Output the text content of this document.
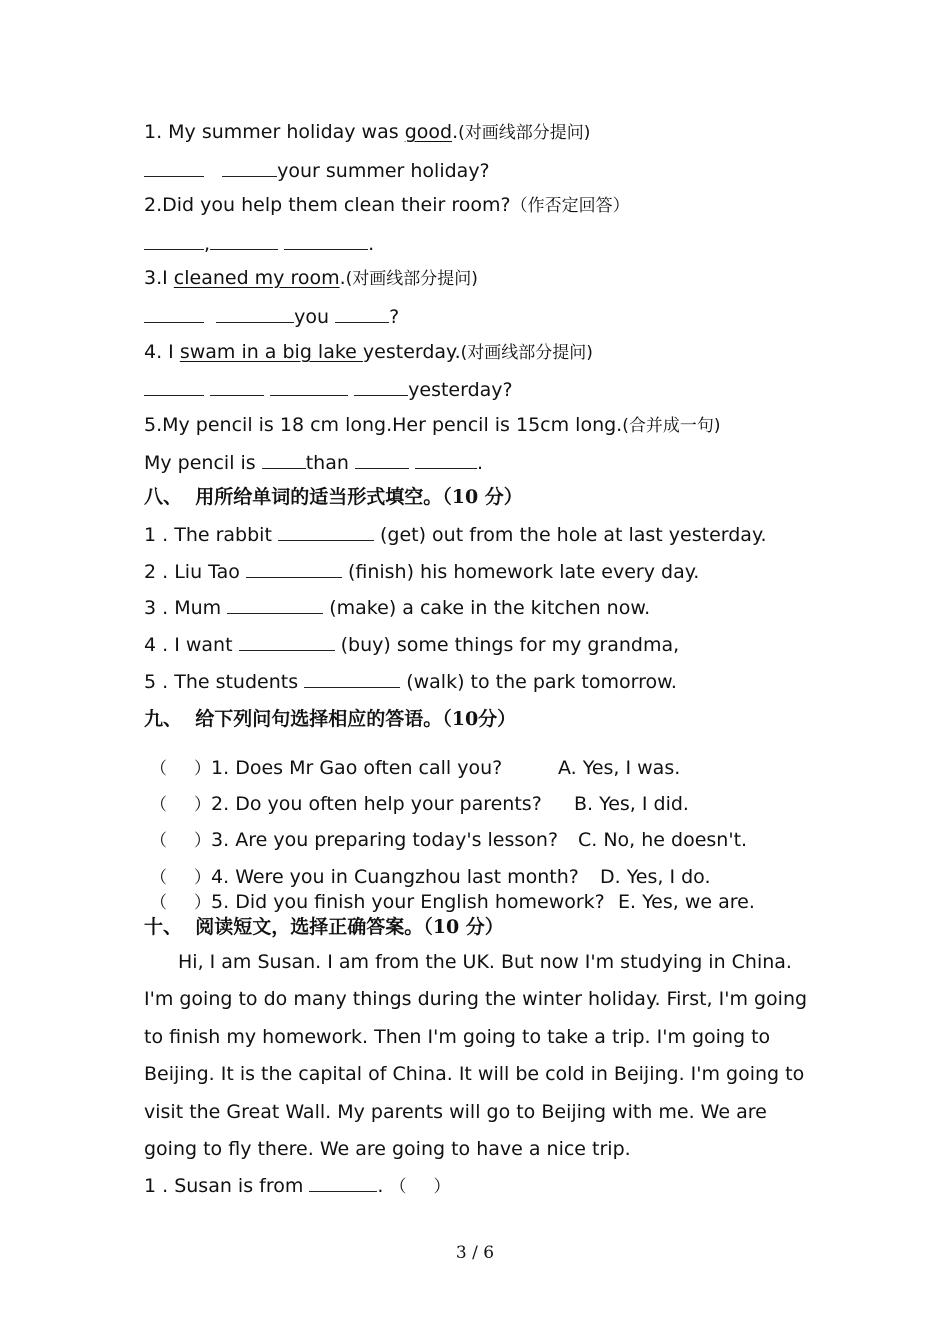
1. My summer holiday was good.(对画线部分提问)
your summer holiday?
2.Did you help them clean their room?（作否定回答）
,	.
3.I cleaned my room.(对画线部分提问)
you	?
4. I swam in a big lake yesterday.(对画线部分提问)
yesterday?
5.My pencil is 18 cm long.Her pencil is 15cm long.(合并成一句)
My pencil is than	.
八、  用所给单词的适当形式填空。（10 分）
1 . The rabbit	(get) out from the hole at last yesterday.
2 . Liu Tao	(finish) his homework late every day.
3 . Mum	(make) a cake in the kitchen now.
4 . I want	(buy) some things for my grandma,
5 . The students	(walk) to the park tomorrow.
九、  给下列问句选择相应的答语。（10分）
（     ）1. Does Mr Gao often call you?	A. Yes, I was.
（     ）2. Do you often help your parents? B. Yes, I did.
（     ）3. Are you preparing today's lesson? C. No, he doesn't.
（     ）4. Were you in Cuangzhou last month? D. Yes, I do.
（     ）5. Did you finish your English homework? E. Yes, we are.
十、  阅读短文，选择正确答案。（10 分）

Hi, I am Susan. I am from the UK. But now I'm studying in China. I'm going to do many things during the winter holiday. First, I'm going to finish my homework. Then I'm going to take a trip. I'm going to Beijing. It is the capital of China. It will be cold in Beijing. I'm going to visit the Great Wall. My parents will go to Beijing with me. We are going to fly there. We are going to have a nice trip.

1 . Susan is from	. （     ）
3 / 6
